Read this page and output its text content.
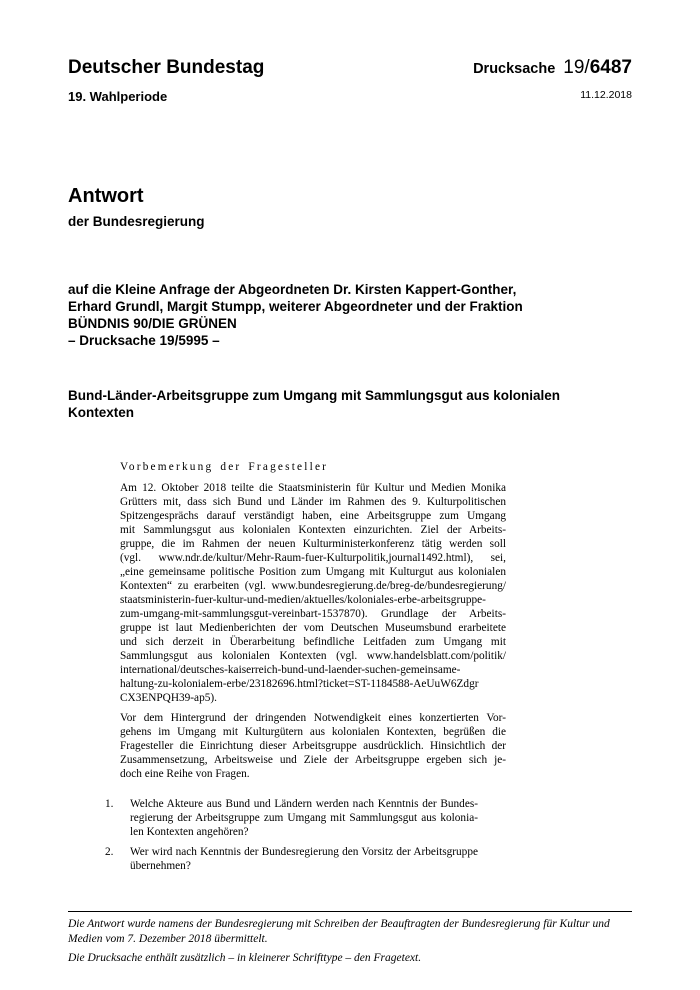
Deutscher Bundestag
19. Wahlperiode
Drucksache 19/ 6487
11.12.2018
Antwort
der Bundesregierung
auf die Kleine Anfrage der Abgeordneten Dr. Kirsten Kappert-Gonther,
Erhard Grundl, Margit Stumpp, weiterer Abgeordneter und der Fraktion
BÜNDNIS 90/DIE GRÜNEN
– Drucksache 19/5995 –
Bund-Länder-Arbeitsgruppe zum Umgang mit Sammlungsgut aus kolonialen
Kontexten
Vorbemerkung der Fragesteller
Am 12. Oktober 2018 teilte die Staatsministerin für Kultur und Medien Monika
Grütters mit, dass sich Bund und Länder im Rahmen des 9. Kulturpolitischen
Spitzengesprächs darauf verständigt haben, eine Arbeitsgruppe zum Umgang
mit Sammlungsgut aus kolonialen Kontexten einzurichten. Ziel der Arbeits-
gruppe, die im Rahmen der neuen Kulturministerkonferenz tätig werden soll
(vgl. www.ndr.de/kultur/Mehr-Raum-fuer-Kulturpolitik,journal1492.html), sei,
„eine gemeinsame politische Position zum Umgang mit Kulturgut aus kolonialen
Kontexten“ zu erarbeiten (vgl. www.bundesregierung.de/breg-de/bundesregierung/
staatsministerin-fuer-kultur-und-medien/aktuelles/koloniales-erbe-arbeitsgruppe-
zum-umgang-mit-sammlungsgut-vereinbart-1537870). Grundlage der Arbeits-
gruppe ist laut Medienberichten der vom Deutschen Museumsbund erarbeitete
und sich derzeit in Überarbeitung befindliche Leitfaden zum Umgang mit
Sammlungsgut aus kolonialen Kontexten (vgl. www.handelsblatt.com/politik/
international/deutsches-kaiserreich-bund-und-laender-suchen-gemeinsame-
haltung-zu-kolonialem-erbe/23182696.html?ticket=ST-1184588-AeUuW6Zdgr
CX3ENPQH39-ap5).
Vor dem Hintergrund der dringenden Notwendigkeit eines konzertierten Vor-
gehens im Umgang mit Kulturgütern aus kolonialen Kontexten, begrüßen die
Fragesteller die Einrichtung dieser Arbeitsgruppe ausdrücklich. Hinsichtlich der
Zusammensetzung, Arbeitsweise und Ziele der Arbeitsgruppe ergeben sich je-
doch eine Reihe von Fragen.
1. Welche Akteure aus Bund und Ländern werden nach Kenntnis der Bundes-
regierung der Arbeitsgruppe zum Umgang mit Sammlungsgut aus kolonia-
len Kontexten angehören?
2. Wer wird nach Kenntnis der Bundesregierung den Vorsitz der Arbeitsgruppe
übernehmen?

Die Antwort wurde namens der Bundesregierung mit Schreiben der Beauftragten der Bundesregierung für Kultur und Medien vom 7. Dezember 2018 übermittelt.

Die Drucksache enthält zusätzlich – in kleinerer Schrifttype – den Fragetext.
